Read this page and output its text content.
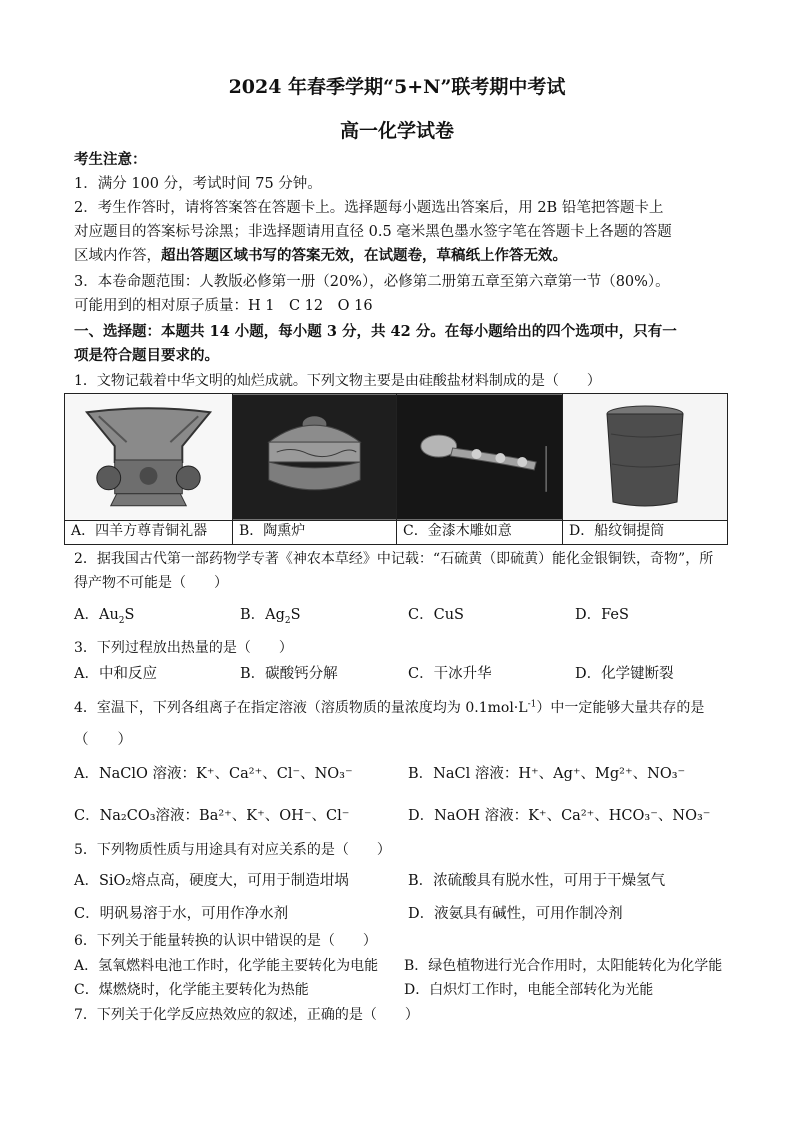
2024 年春季学期“5+N”联考期中考试
高一化学试卷
考生注意：
1．满分 100 分，考试时间 75 分钟。
2．考生作答时，请将答案答在答题卡上。选择题每小题选出答案后，用 2B 铅笔把答题卡上
对应题目的答案标号涂黑；非选择题请用直径 0.5 毫米黑色墨水签字笔在答题卡上各题的答题
区域内作答，超出答题区域书写的答案无效，在试题卷，草稿纸上作答无效。
3．本卷命题范围：人教版必修第一册（20%），必修第二册第五章至第六章第一节（80%）。
可能用到的相对原子质量：H 1　C 12　O 16
一、选择题：本题共 14 小题，每小题 3 分，共 42 分。在每小题给出的四个选项中，只有一
项是符合题目要求的。
1．文物记载着中华文明的灿烂成就。下列文物主要是由硅酸盐材料制成的是（　　）
A．四羊方尊青铜礼器 B．陶熏炉	C．金漆木雕如意	D．船纹铜提筒
2．据我国古代第一部药物学专著《神农本草经》中记载：“石硫黄（即硫黄）能化金银铜铁，奇物”，所
得产物不可能是（　　）
A．$Au_2S$	B．$Ag_2S$	C．CuS	D．FeS
3．下列过程放出热量的是（　　）
A．中和反应	B．碳酸钙分解	C．干冰升华	D．化学键断裂
4．室温下，下列各组离子在指定溶液（溶质物质的量浓度均为 $0.1mol\cdot L^{-1}$）中一定能够大量共存的是
（　　）
A．NaClO 溶液：K⁺、Ca²⁺、Cl⁻、NO₃⁻	B．NaCl 溶液：H⁺、Ag⁺、Mg²⁺、NO₃⁻
C．Na₂CO₃溶液：Ba²⁺、K⁺、OH⁻、Cl⁻	D．NaOH 溶液：K⁺、Ca²⁺、HCO₃⁻、NO₃⁻
5．下列物质性质与用途具有对应关系的是（　　）
A．SiO₂熔点高，硬度大，可用于制造坩埚	B．浓硫酸具有脱水性，可用于干燥氢气
C．明矾易溶于水，可用作净水剂	D．液氨具有碱性，可用作制冷剂
6．下列关于能量转换的认识中错误的是（　　）
A．氢氧燃料电池工作时，化学能主要转化为电能 B．绿色植物进行光合作用时，太阳能转化为化学能
C．煤燃烧时，化学能主要转化为热能	D．白炽灯工作时，电能全部转化为光能
7．下列关于化学反应热效应的叙述，正确的是（　　）
